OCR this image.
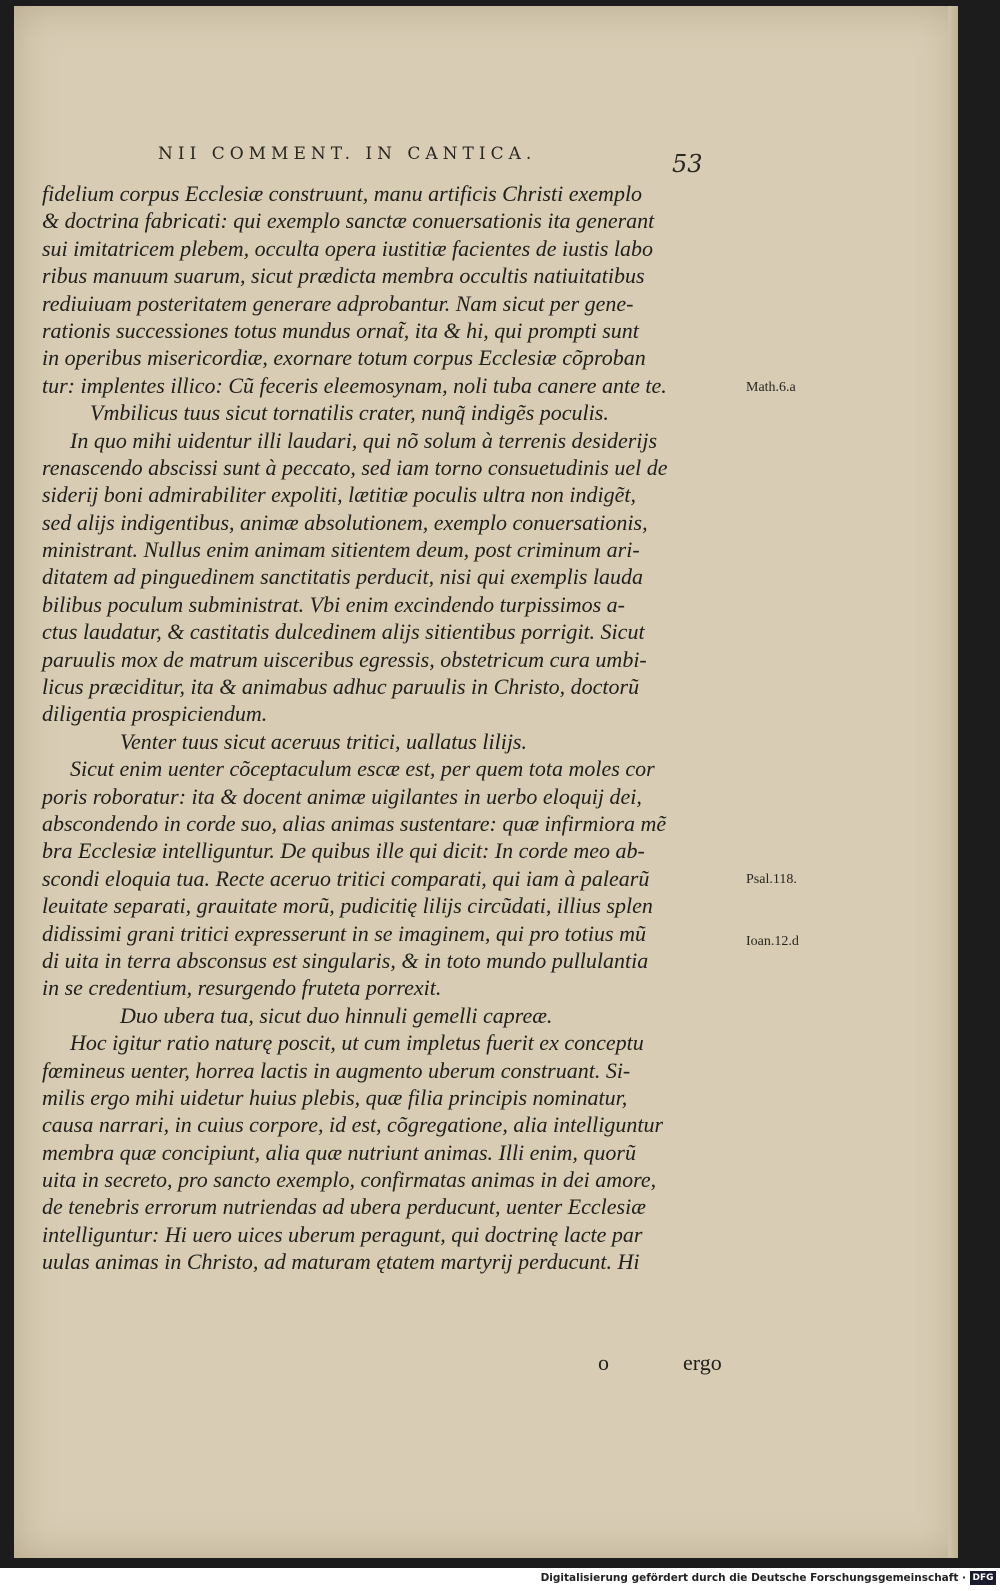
NII COMMENT. IN CANTICA.	53
fidelium corpus Ecclesiæ construunt, manu artificis Christi exemplo
& doctrina fabricati: qui exemplo sanctæ conuersationis ita generant
sui imitatricem plebem, occulta opera iustitiæ facientes de iustis labo
ribus manuum suarum, sicut prædicta membra occultis natiuitatibus
rediuiuam posteritatem generare adprobantur. Nam sicut per gene-
rationis successiones totus mundus ornat̃, ita & hi, qui prompti sunt
in operibus misericordiæ, exornare totum corpus Ecclesiæ cõproban
tur: implentes illico: Cũ feceris eleemosynam, noli tuba canere ante te.
Vmbilicus tuus sicut tornatilis crater, nunq̃ indigẽs poculis.
In quo mihi uidentur illi laudari, qui nõ solum à terrenis desiderijs
renascendo abscissi sunt à peccato, sed iam torno consuetudinis uel de
siderij boni admirabiliter expoliti, lætitiæ poculis ultra non indigẽt,
sed alijs indigentibus, animæ absolutionem, exemplo conuersationis,
ministrant. Nullus enim animam sitientem deum, post criminum ari-
ditatem ad pinguedinem sanctitatis perducit, nisi qui exemplis lauda
bilibus poculum subministrat. Vbi enim excindendo turpissimos a-
ctus laudatur, & castitatis dulcedinem alijs sitientibus porrigit. Sicut
paruulis mox de matrum uisceribus egressis, obstetricum cura umbi-
licus præciditur, ita & animabus adhuc paruulis in Christo, doctorũ
diligentia prospiciendum.
Venter tuus sicut aceruus tritici, uallatus lilijs.
Sicut enim uenter cõceptaculum escæ est, per quem tota moles cor
poris roboratur: ita & docent animæ uigilantes in uerbo eloquij dei,
abscondendo in corde suo, alias animas sustentare: quæ infirmiora mẽ
bra Ecclesiæ intelliguntur. De quibus ille qui dicit: In corde meo ab-
scondi eloquia tua. Recte aceruo tritici comparati, qui iam à palearũ
leuitate separati, grauitate morũ, pudicitię lilijs circũdati, illius splen
didissimi grani tritici expresserunt in se imaginem, qui pro totius mũ
di uita in terra absconsus est singularis, & in toto mundo pullulantia
in se credentium, resurgendo fruteta porrexit.
Duo ubera tua, sicut duo hinnuli gemelli capreæ.
Hoc igitur ratio naturę poscit, ut cum impletus fuerit ex conceptu
fœmineus uenter, horrea lactis in augmento uberum construant. Si-
milis ergo mihi uidetur huius plebis, quæ filia principis nominatur,
causa narrari, in cuius corpore, id est, cõgregatione, alia intelliguntur
membra quæ concipiunt, alia quæ nutriunt animas. Illi enim, quorũ
uita in secreto, pro sancto exemplo, confirmatas animas in dei amore,
de tenebris errorum nutriendas ad ubera perducunt, uenter Ecclesiæ
intelliguntur: Hi uero uices uberum peragunt, qui doctrinę lacte par
uulas animas in Christo, ad maturam ętatem martyrij perducunt. Hi
Math.6.a
Psal.118.
Ioan.12.d
o	ergo
Digitalisierung gefördert durch die Deutsche Forschungsgemeinschaft · DFG
